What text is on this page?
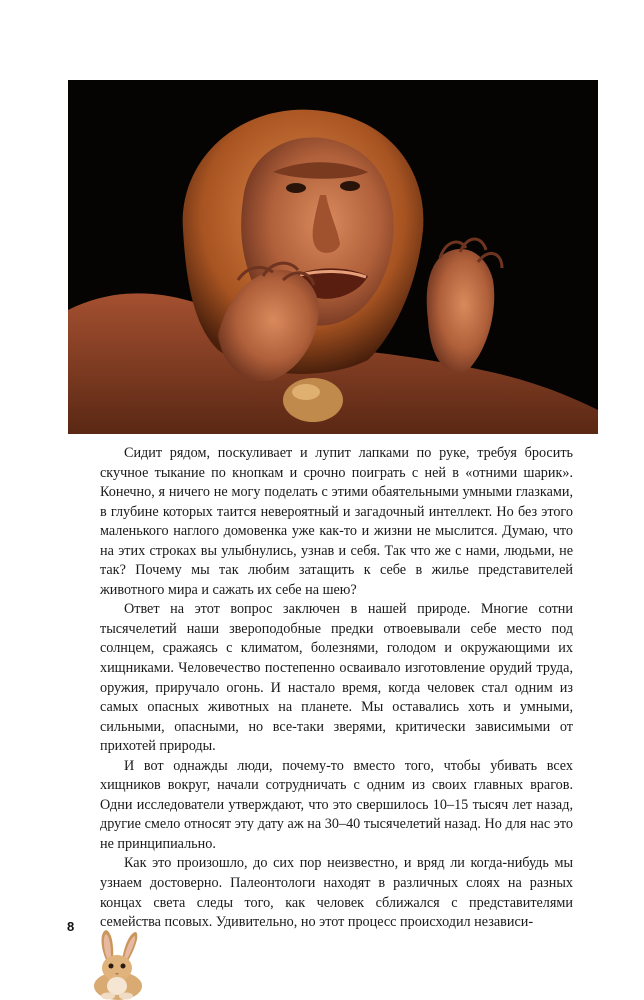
Сидит рядом, поскуливает и лупит лапками по руке, требуя бросить скучное тыкание по кнопкам и срочно поиграть с ней в «отними шарик». Конечно, я ничего не могу поделать с этими обаятельными умными глазками, в глубине которых таится невероятный и загадочный интеллект. Но без этого маленького наглого домовенка уже как-то и жизни не мыслится. Думаю, что на этих строках вы улыбнулись, узнав и себя. Так что же с нами, людьми, не так? Почему мы так любим затащить к себе в жилье представителей животного мира и сажать их себе на шею?

Ответ на этот вопрос заключен в нашей природе. Многие сотни тысячелетий наши звероподобные предки отвоевывали себе место под солнцем, сражаясь с климатом, болезнями, голодом и окружающими их хищниками. Человечество постепенно осваивало изготовление орудий труда, оружия, приручало огонь. И настало время, когда человек стал одним из самых опасных животных на планете. Мы оставались хоть и умными, сильными, опасными, но все-таки зверями, критически зависимыми от прихотей природы.

И вот однажды люди, почему-то вместо того, чтобы убивать всех хищников вокруг, начали сотрудничать с одним из своих главных врагов. Одни исследователи утверждают, что это свершилось 10–15 тысяч лет назад, другие смело относят эту дату аж на 30–40 тысячелетий назад. Но для нас это не принципиально.

Как это произошло, до сих пор неизвестно, и вряд ли когда-нибудь мы узнаем достоверно. Палеонтологи находят в различных слоях на разных концах света следы того, как человек сближался с представителями семейства псовых. Удивительно, но этот процесс происходил независи-

8
